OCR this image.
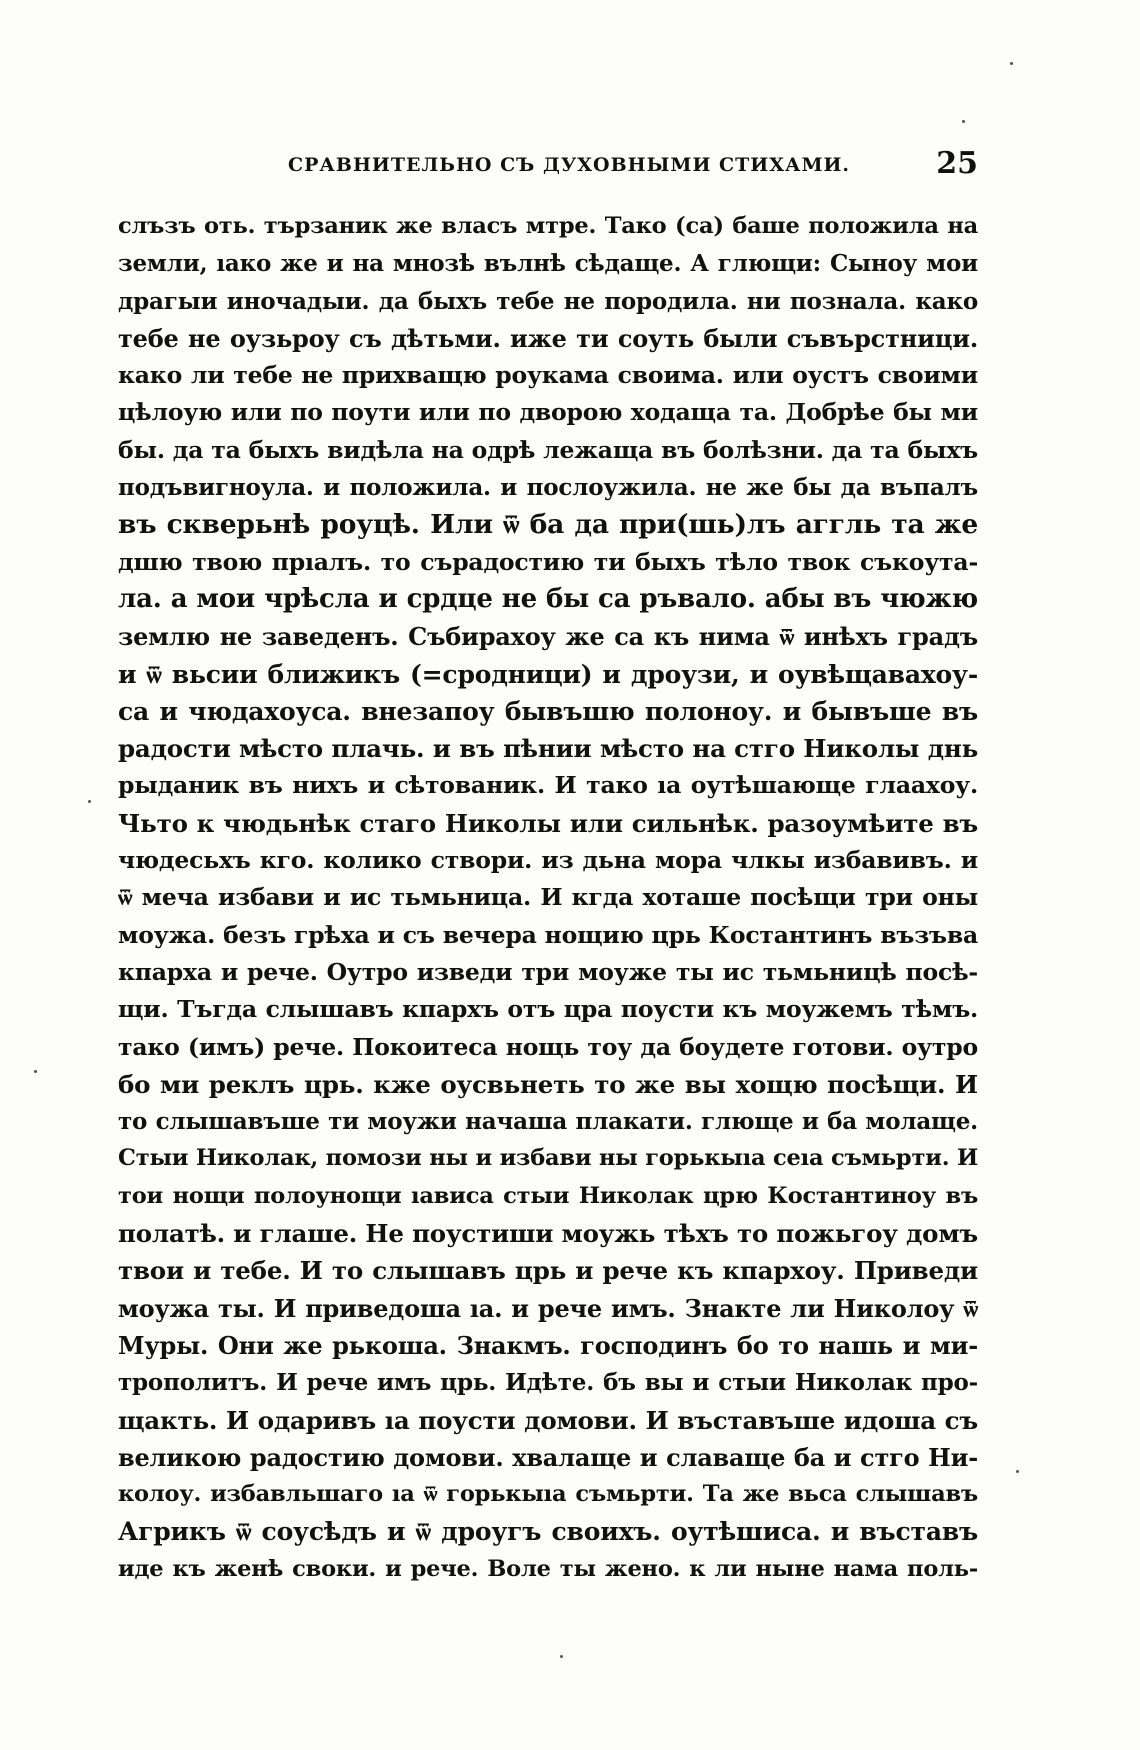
СРАВНИТЕЛЬНО СЪ ДУХОВНЫМИ СТИХАМИ.	25
слъзъ оть. тързаник же власъ мтре. Тако (са) баше положила на
земли, ıако же и на мнозѣ вълнѣ сѣдаще. А глющи: Сыноу мои
драгыи иночадыи. да быхъ тебе не породила. ни познала. како
тебе не оузьроу съ дѣтьми. иже ти соуть были съвърстници.
како ли тебе не прихващю роукама своима. или оустъ своими
цѣлоую или по поути или по дворою ходаща та. Добрѣе бы ми
бы. да та быхъ видѣла на одрѣ лежаща въ болѣзни. да та быхъ
подъвигноула. и положила. и послоужила. не же бы да въпалъ
въ скверьнѣ роуцѣ. Или ѿ ба да при(шь)лъ аггль та же
дшю твою прıалъ. то сърадостию ти быхъ тѣло твок съкоута-
ла. а мои чрѣсла и срдце не бы са ръвало. абы въ чюжю
землю не заведенъ. Събирахоу же са къ нима ѿ инѣхъ градъ
и ѿ вьсии ближикъ (=сродници) и дроузи, и оувѣщавахоу-
са и чюдахоуса. внезапоу бывъшю полоноу. и бывъше въ
радости мѣсто плачь. и въ пѣнии мѣсто на стго Николы днь
рыданик въ нихъ и сѣтованик. И тако ıа оутѣшающе глаахоу.
Чьто к чюдьнѣк стаго Николы или сильнѣк. разоумѣите въ
чюдесьхъ кго. колико створи. из дьна мора члкы избавивъ. и
ѿ меча избави и ис тьмьница. И кгда хоташе посѣщи три оны
моужа. безъ грѣха и съ вечера нощию црь Костантинъ възъва
кпарха и рече. Оутро изведи три моуже ты ис тьмьницѣ посѣ-
щи. Тъгда слышавъ кпархъ отъ цра поусти къ моужемъ тѣмъ.
тако (имъ) рече. Покоитеса нощь тоу да боудете готови. оутро
бо ми реклъ црь. кже оусвьнеть то же вы хощю посѣщи. И
то слышавъше ти моужи начаша плакати. глюще и ба молаще.
Стыи Николак, помози ны и избави ны горькыıа сеıа съмьрти. И
тои нощи полоунощи ıависа стыи Николак црю Костантиноу въ
полатѣ. и глаше. Не поустиши моужь тѣхъ то пожьгоу домъ
твои и тебе. И то слышавъ црь и рече къ кпархоу. Приведи
моужа ты. И приведоша ıа. и рече имъ. Знакте ли Николоу ѿ
Муры. Они же рькоша. Знакмъ. господинъ бо то нашь и ми-
трополитъ. И рече имъ црь. Идѣте. бъ вы и стыи Николак про-
щакть. И одаривъ ıа поусти домови. И въставъше идоша съ
великою радостию домови. хвалаще и славаще ба и стго Ни-
колоу. избавльшаго ıа ѿ горькыıа съмьрти. Та же вьса слышавъ
Агрикъ ѿ соусѣдъ и ѿ дроугъ своихъ. оутѣшиса. и въставъ
иде къ женѣ своки. и рече. Воле ты жено. к ли ныне нама поль-
